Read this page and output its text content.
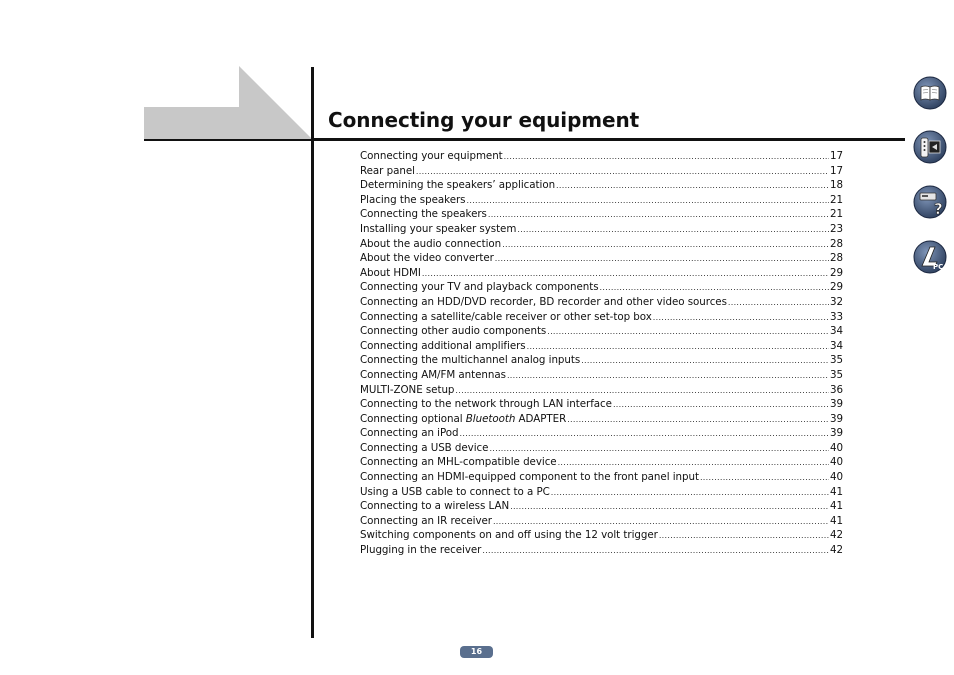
Connecting your equipment
Connecting your equipment .....	17
Rear panel .....	17
Determining the speakers’ application .....	18
Placing the speakers .....	21
Connecting the speakers .....	21
Installing your speaker system .....	23
About the audio connection .....	28
About the video converter .....	28
About HDMI .....	29
Connecting your TV and playback components .....	29
Connecting an HDD/DVD recorder, BD recorder and other video sources .....	32
Connecting a satellite/cable receiver or other set-top box .....	33
Connecting other audio components .....	34
Connecting additional amplifiers .....	34
Connecting the multichannel analog inputs .....	35
Connecting AM/FM antennas .....	35
MULTI-ZONE setup .....	36
Connecting to the network through LAN interface .....	39
Connecting optional Bluetooth ADAPTER .....	39
Connecting an iPod .....	39
Connecting a USB device .....	40
Connecting an MHL-compatible device .....	40
Connecting an HDMI-equipped component to the front panel input .....	40
Using a USB cable to connect to a PC .....	41
Connecting to a wireless LAN .....	41
Connecting an IR receiver .....	41
Switching components on and off using the 12 volt trigger .....	42
Plugging in the receiver .....	42
?
PC
16
